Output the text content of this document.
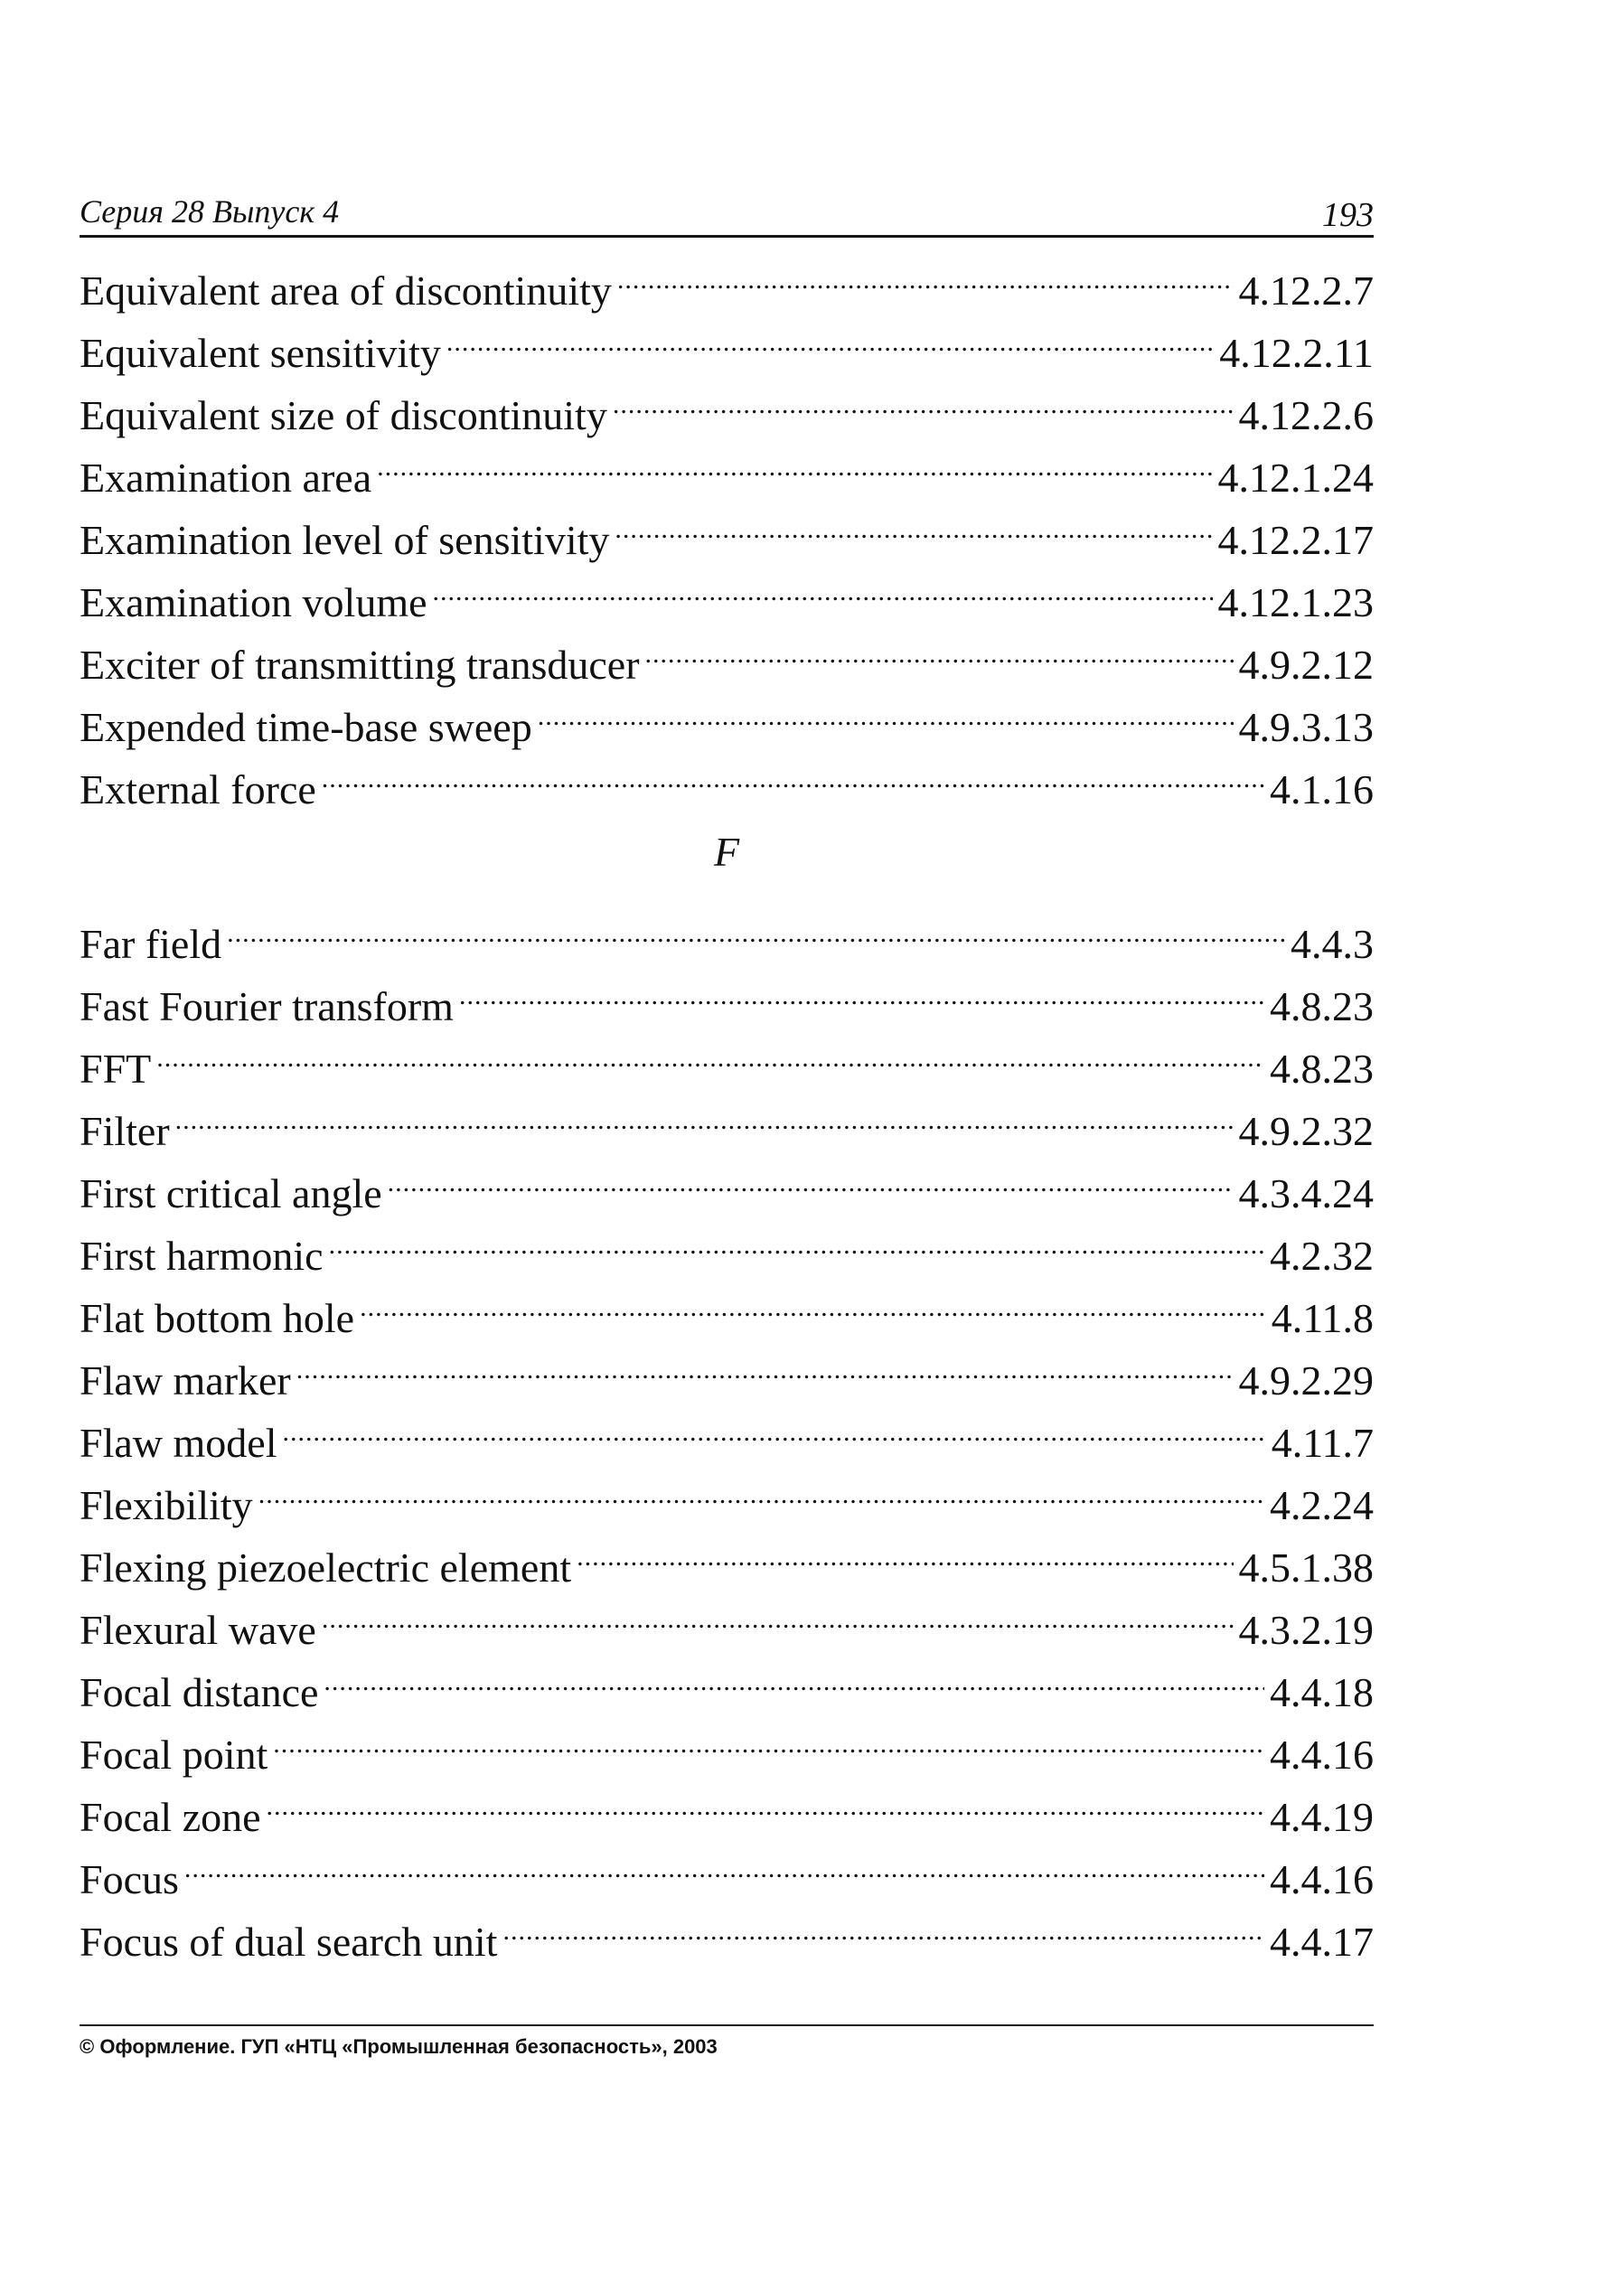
Серия 28 Выпуск 4	193
Equivalent area of discontinuity .....	4.12.2.7
Equivalent sensitivity .....	4.12.2.11
Equivalent size of discontinuity .....	4.12.2.6
Examination area .....	4.12.1.24
Examination level of sensitivity .....	4.12.2.17
Examination volume .....	4.12.1.23
Exciter of transmitting transducer .....	4.9.2.12
Expended time-base sweep .....	4.9.3.13
External force .....	4.1.16
F
Far field .....	4.4.3
Fast Fourier transform .....	4.8.23
FFT .....	4.8.23
Filter .....	4.9.2.32
First critical angle .....	4.3.4.24
First harmonic .....	4.2.32
Flat bottom hole .....	4.11.8
Flaw marker .....	4.9.2.29
Flaw model .....	4.11.7
Flexibility .....	4.2.24
Flexing piezoelectric element .....	4.5.1.38
Flexural wave .....	4.3.2.19
Focal distance .....	4.4.18
Focal point .....	4.4.16
Focal zone .....	4.4.19
Focus .....	4.4.16
Focus of dual search unit .....	4.4.17
© Оформление. ГУП «НТЦ «Промышленная безопасность», 2003
